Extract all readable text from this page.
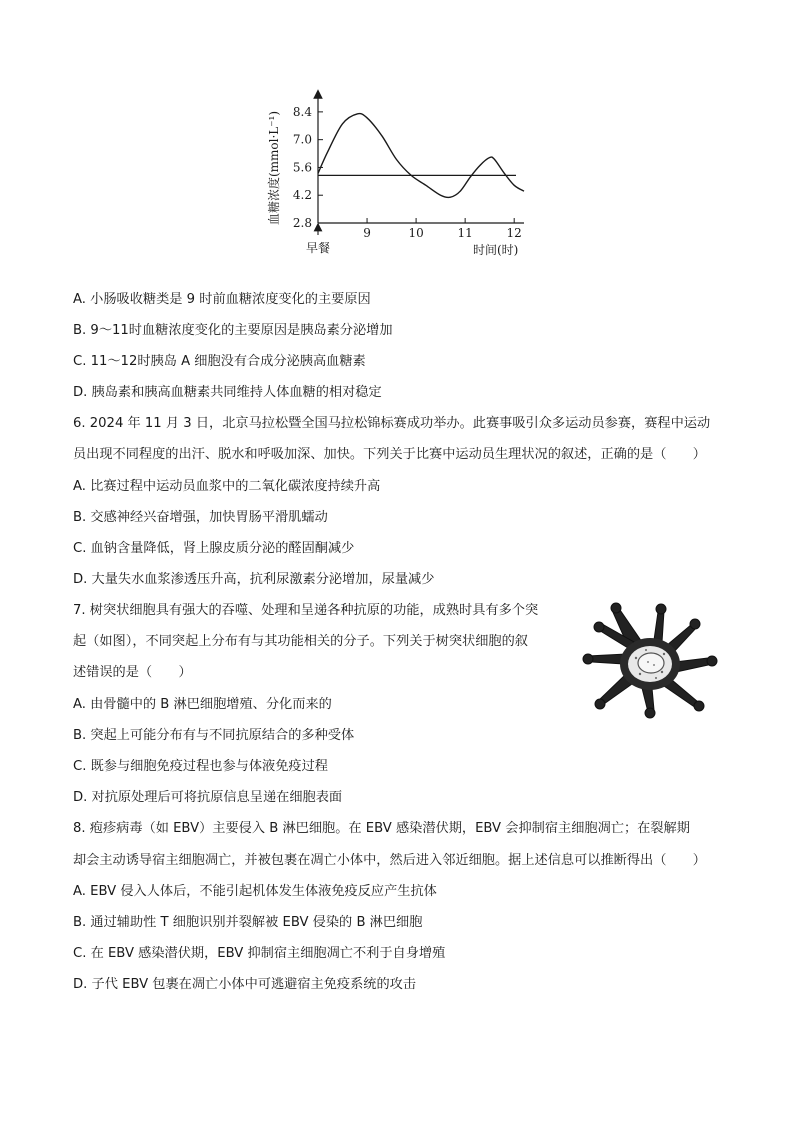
2.8
4.2
5.6
7.0
8.4
9	10	11	12
早餐	时间(时)
血糖浓度(mmol·L⁻¹)
A. 小肠吸收糖类是 9 时前血糖浓度变化的主要原因
B. 9～11时血糖浓度变化的主要原因是胰岛素分泌增加
C. 11～12时胰岛 A 细胞没有合成分泌胰高血糖素
D. 胰岛素和胰高血糖素共同维持人体血糖的相对稳定
6. 2024 年 11 月 3 日，北京马拉松暨全国马拉松锦标赛成功举办。此赛事吸引众多运动员参赛，赛程中运动
员出现不同程度的出汗、脱水和呼吸加深、加快。下列关于比赛中运动员生理状况的叙述，正确的是（　　）
A. 比赛过程中运动员血浆中的二氧化碳浓度持续升高
B. 交感神经兴奋增强，加快胃肠平滑肌蠕动
C. 血钠含量降低，肾上腺皮质分泌的醛固酮减少
D. 大量失水血浆渗透压升高，抗利尿激素分泌增加，尿量减少
7. 树突状细胞具有强大的吞噬、处理和呈递各种抗原的功能，成熟时具有多个突
起（如图），不同突起上分布有与其功能相关的分子。下列关于树突状细胞的叙
述错误的是（　　）
A. 由骨髓中的 B 淋巴细胞增殖、分化而来的
B. 突起上可能分布有与不同抗原结合的多种受体
C. 既参与细胞免疫过程也参与体液免疫过程
D. 对抗原处理后可将抗原信息呈递在细胞表面
8. 疱疹病毒（如 EBV）主要侵入 B 淋巴细胞。在 EBV 感染潜伏期，EBV 会抑制宿主细胞凋亡；在裂解期
却会主动诱导宿主细胞凋亡，并被包裹在凋亡小体中，然后进入邻近细胞。据上述信息可以推断得出（　　）
A. EBV 侵入人体后，不能引起机体发生体液免疫反应产生抗体
B. 通过辅助性 T 细胞识别并裂解被 EBV 侵染的 B 淋巴细胞
C. 在 EBV 感染潜伏期，EBV 抑制宿主细胞凋亡不利于自身增殖
D. 子代 EBV 包裹在凋亡小体中可逃避宿主免疫系统的攻击
